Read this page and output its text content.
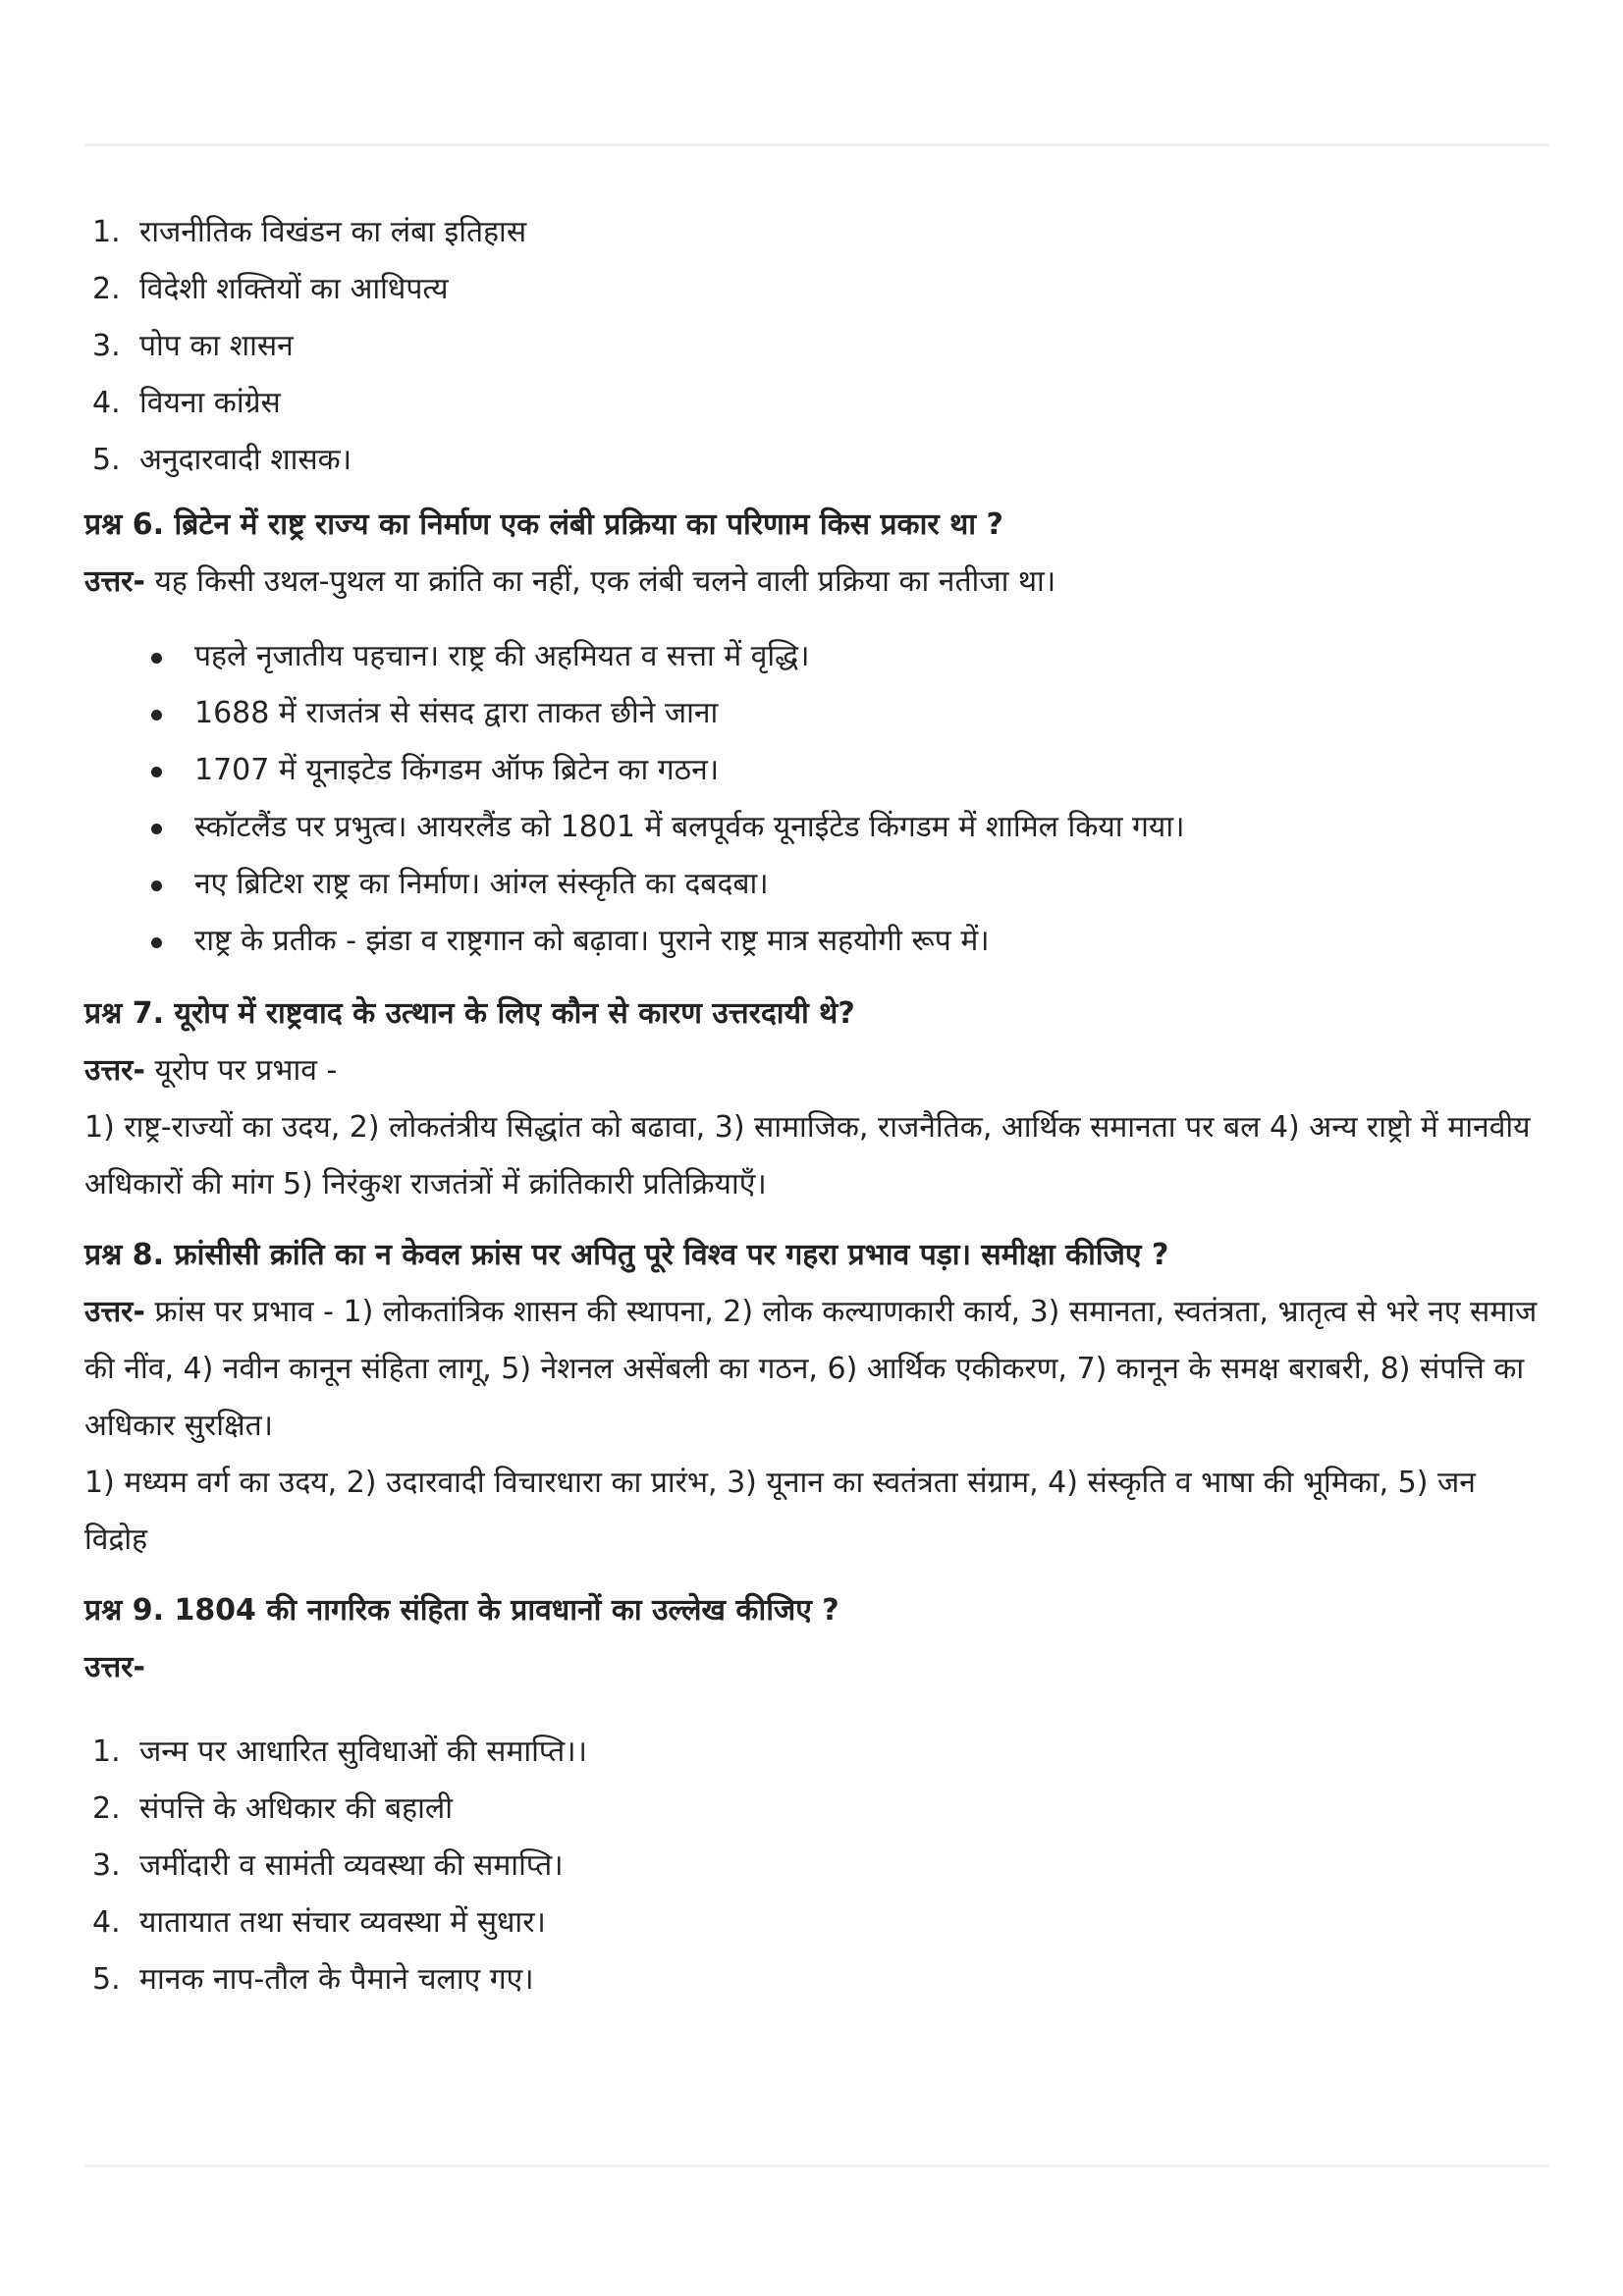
1. राजनीतिक विखंडन का लंबा इतिहास
2. विदेशी शक्तियों का आधिपत्य
3. पोप का शासन
4. वियना कांग्रेस
5. अनुदारवादी शासक।

प्रश्न 6. ब्रिटेन में राष्ट्र राज्य का निर्माण एक लंबी प्रक्रिया का परिणाम किस प्रकार था ?

उत्तर- यह किसी उथल-पुथल या क्रांति का नहीं, एक लंबी चलने वाली प्रक्रिया का नतीजा था।

पहले नृजातीय पहचान। राष्ट्र की अहमियत व सत्ता में वृद्धि।
1688 में राजतंत्र से संसद द्वारा ताकत छीने जाना
1707 में यूनाइटेड किंगडम ऑफ ब्रिटेन का गठन।
स्कॉटलैंड पर प्रभुत्व। आयरलैंड को 1801 में बलपूर्वक यूनाईटेड किंगडम में शामिल किया गया।
नए ब्रिटिश राष्ट्र का निर्माण। आंग्ल संस्कृति का दबदबा।
राष्ट्र के प्रतीक - झंडा व राष्ट्रगान को बढ़ावा। पुराने राष्ट्र मात्र सहयोगी रूप में।

प्रश्न 7. यूरोप में राष्ट्रवाद के उत्थान के लिए कौन से कारण उत्तरदायी थे?

उत्तर- यूरोप पर प्रभाव -

1) राष्ट्र-राज्यों का उदय, 2) लोकतंत्रीय सिद्धांत को बढावा, 3) सामाजिक, राजनैतिक, आर्थिक समानता पर बल 4) अन्य राष्ट्रो में मानवीय अधिकारों की मांग 5) निरंकुश राजतंत्रों में क्रांतिकारी प्रतिक्रियाएँ।

प्रश्न 8. फ्रांसीसी क्रांति का न केवल फ्रांस पर अपितु पूरे विश्व पर गहरा प्रभाव पड़ा। समीक्षा कीजिए ?

उत्तर- फ्रांस पर प्रभाव - 1) लोकतांत्रिक शासन की स्थापना, 2) लोक कल्याणकारी कार्य, 3) समानता, स्वतंत्रता, भ्रातृत्व से भरे नए समाज की नींव, 4) नवीन कानून संहिता लागू, 5) नेशनल असेंबली का गठन, 6) आर्थिक एकीकरण, 7) कानून के समक्ष बराबरी, 8) संपत्ति का अधिकार सुरक्षित।

1) मध्यम वर्ग का उदय, 2) उदारवादी विचारधारा का प्रारंभ, 3) यूनान का स्वतंत्रता संग्राम, 4) संस्कृति व भाषा की भूमिका, 5) जन विद्रोह

प्रश्न 9. 1804 की नागरिक संहिता के प्रावधानों का उल्लेख कीजिए ?

उत्तर-

1. जन्म पर आधारित सुविधाओं की समाप्ति।।
2. संपत्ति के अधिकार की बहाली
3. जमींदारी व सामंती व्यवस्था की समाप्ति।
4. यातायात तथा संचार व्यवस्था में सुधार।
5. मानक नाप-तौल के पैमाने चलाए गए।
